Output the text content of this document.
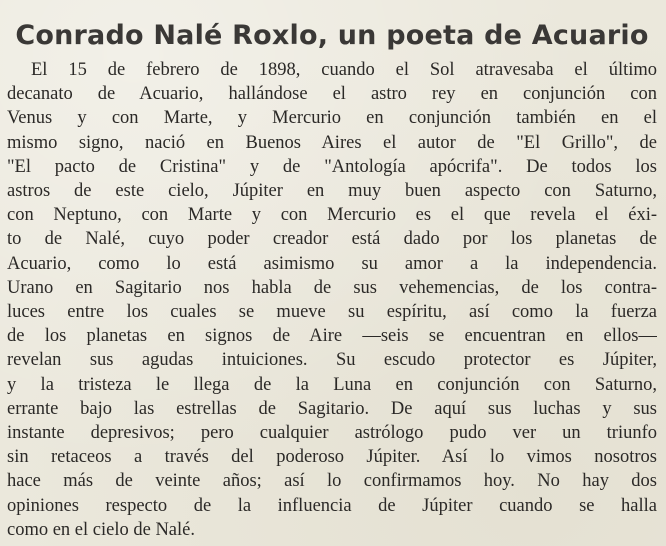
Conrado Nalé Roxlo, un poeta de Acuario
El 15 de febrero de 1898, cuando el Sol atravesaba el último
decanato de Acuario, hallándose el astro rey en conjunción con
Venus y con Marte, y Mercurio en conjunción también en el
mismo signo, nació en Buenos Aires el autor de "El Grillo", de
"El pacto de Cristina" y de "Antología apócrifa". De todos los
astros de este cielo, Júpiter en muy buen aspecto con Saturno,
con Neptuno, con Marte y con Mercurio es el que revela el éxi-
to de Nalé, cuyo poder creador está dado por los planetas de
Acuario, como lo está asimismo su amor a la independencia.
Urano en Sagitario nos habla de sus vehemencias, de los contra-
luces entre los cuales se mueve su espíritu, así como la fuerza
de los planetas en signos de Aire —seis se encuentran en ellos—
revelan sus agudas intuiciones. Su escudo protector es Júpiter,
y la tristeza le llega de la Luna en conjunción con Saturno,
errante bajo las estrellas de Sagitario. De aquí sus luchas y sus
instante depresivos; pero cualquier astrólogo pudo ver un triunfo
sin retaceos a través del poderoso Júpiter. Así lo vimos nosotros
hace más de veinte años; así lo confirmamos hoy. No hay dos
opiniones respecto de la influencia de Júpiter cuando se halla
como en el cielo de Nalé.
